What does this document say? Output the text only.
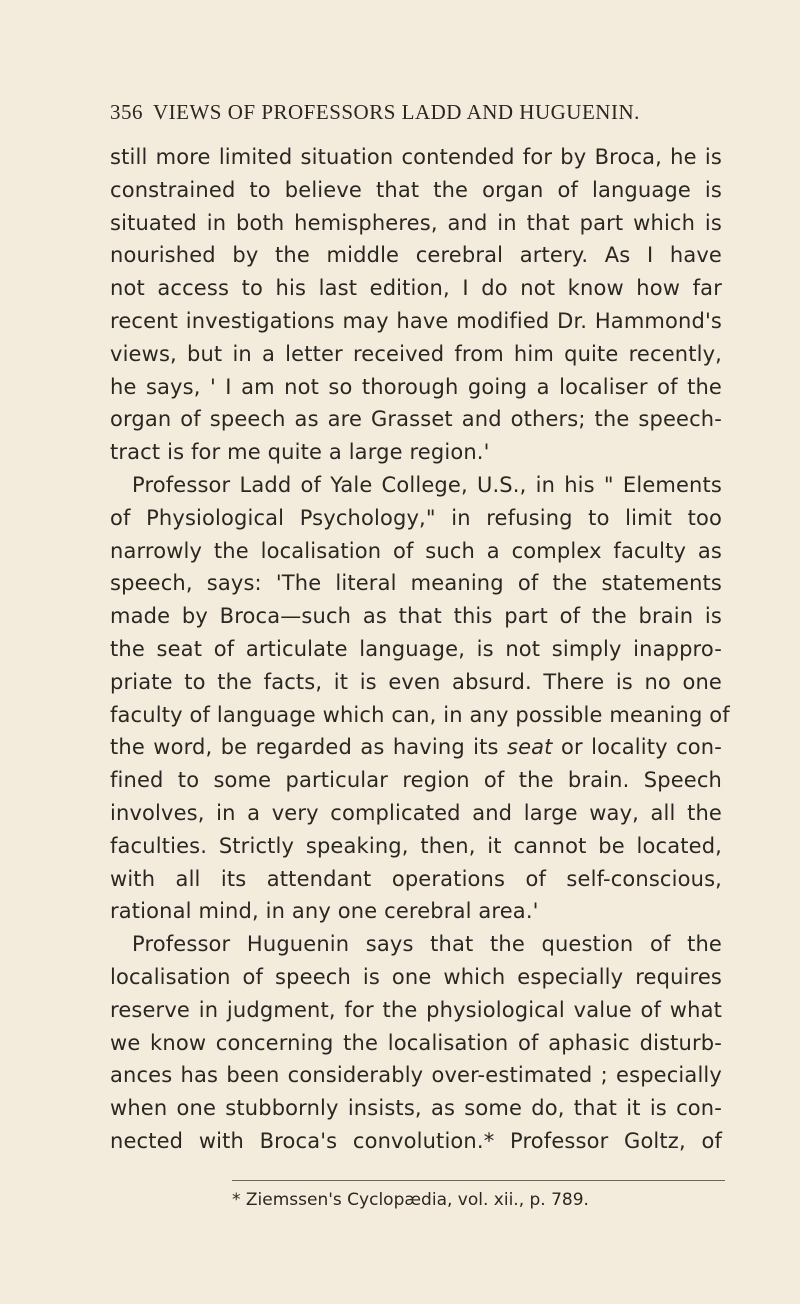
356 VIEWS OF PROFESSORS LADD AND HUGUENIN.
still more limited situation contended for by Broca, he is
constrained to believe that the organ of language is
situated in both hemispheres, and in that part which is
nourished by the middle cerebral artery. As I have
not access to his last edition, I do not know how far
recent investigations may have modified Dr. Hammond's
views, but in a letter received from him quite recently,
he says, ' I am not so thorough going a localiser of the
organ of speech as are Grasset and others; the speech-
tract is for me quite a large region.'
Professor Ladd of Yale College, U.S., in his " Elements
of Physiological Psychology," in refusing to limit too
narrowly the localisation of such a complex faculty as
speech, says: 'The literal meaning of the statements
made by Broca—such as that this part of the brain is
the seat of articulate language, is not simply inappro-
priate to the facts, it is even absurd. There is no one
faculty of language which can, in any possible meaning of
the word, be regarded as having its seat or locality con-
fined to some particular region of the brain. Speech
involves, in a very complicated and large way, all the
faculties. Strictly speaking, then, it cannot be located,
with all its attendant operations of self-conscious,
rational mind, in any one cerebral area.'
Professor Huguenin says that the question of the
localisation of speech is one which especially requires
reserve in judgment, for the physiological value of what
we know concerning the localisation of aphasic disturb-
ances has been considerably over-estimated ; especially
when one stubbornly insists, as some do, that it is con-
nected with Broca's convolution.* Professor Goltz, of
* Ziemssen's Cyclopædia, vol. xii., p. 789.
